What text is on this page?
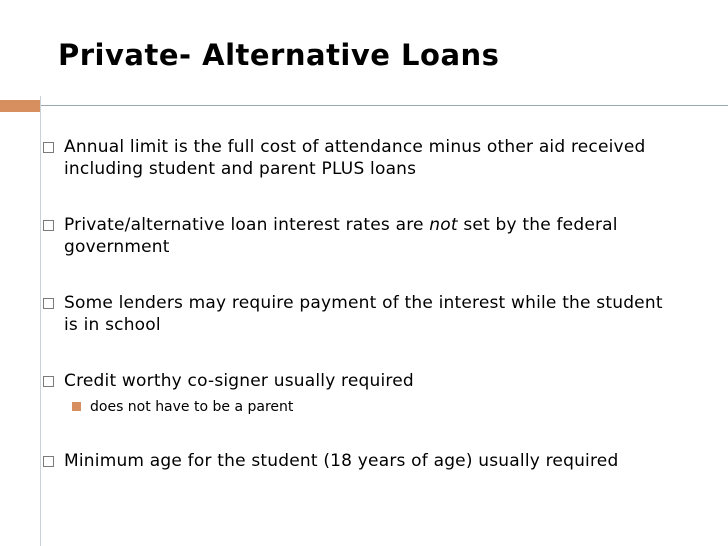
Private- Alternative Loans
Annual limit is the full cost of attendance minus other aid received including student and parent PLUS loans
Private/alternative loan interest rates are not set by the federal government
Some lenders may require payment of the interest while the student is in school
Credit worthy co-signer usually required
does not have to be a parent
Minimum age for the student (18 years of age) usually required
